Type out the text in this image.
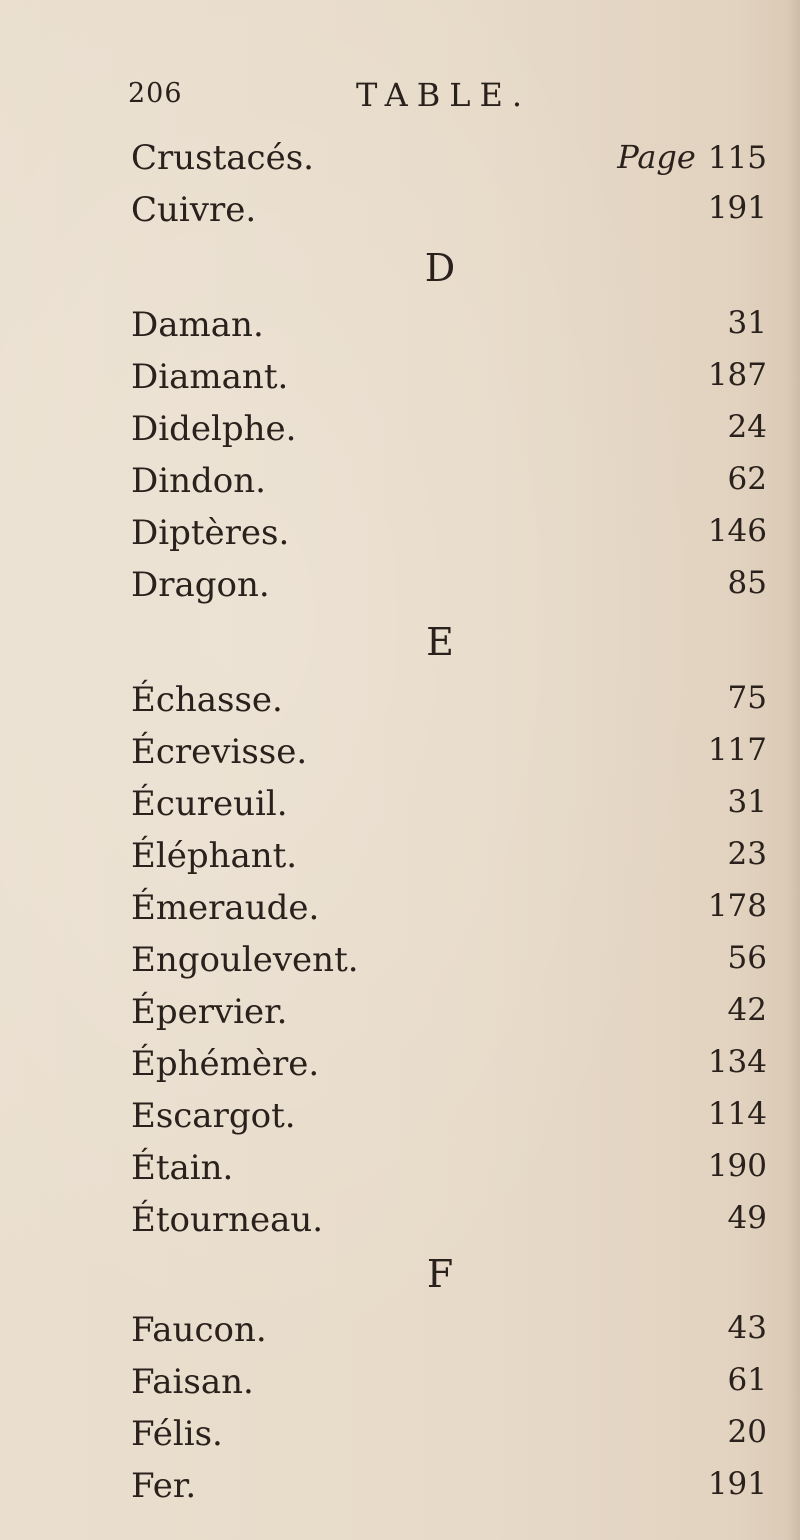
206	TABLE.
Crustacés.	Page 115
Cuivre.	191
D
Daman.	31
Diamant.	187
Didelphe.	24
Dindon.	62
Diptères.	146
Dragon.	85
E
Échasse.	75
Écrevisse.	117
Écureuil.	31
Éléphant.	23
Émeraude.	178
Engoulevent.	56
Épervier.	42
Éphémère.	134
Escargot.	114
Étain.	190
Étourneau.	49
F
Faucon.	43
Faisan.	61
Félis.	20
Fer.	191
